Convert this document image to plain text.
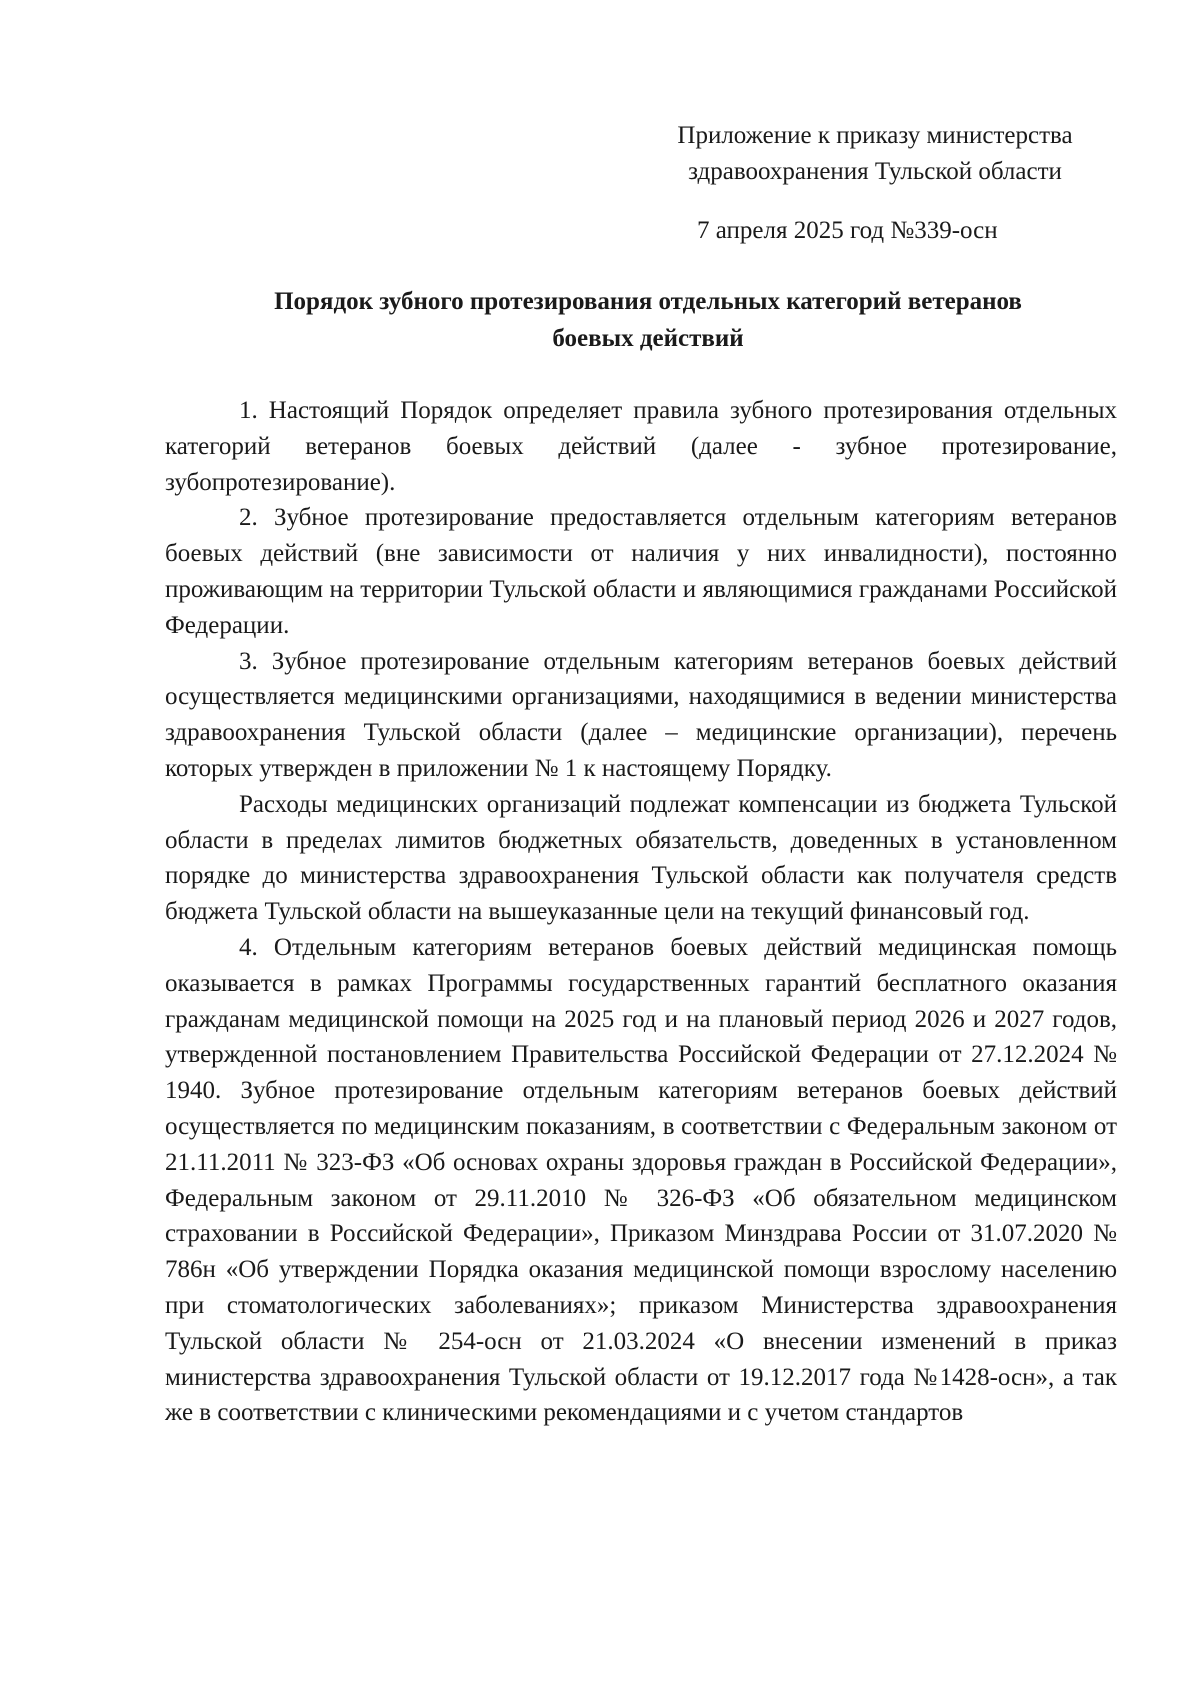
Приложение к приказу министерства
здравоохранения Тульской области
7 апреля 2025 год №339-осн
Порядок зубного протезирования отдельных категорий ветеранов
боевых действий

1. Настоящий Порядок определяет правила зубного протезирования отдельных категорий ветеранов боевых действий (далее - зубное протезирование, зубопротезирование).

2. Зубное протезирование предоставляется отдельным категориям ветеранов боевых действий (вне зависимости от наличия у них инвалидности), постоянно проживающим на территории Тульской области и являющимися гражданами Российской Федерации.

3. Зубное протезирование отдельным категориям ветеранов боевых действий осуществляется медицинскими организациями, находящимися в ведении министерства здравоохранения Тульской области (далее – медицинские организации), перечень которых утвержден в приложении № 1 к настоящему Порядку.

Расходы медицинских организаций подлежат компенсации из бюджета Тульской области в пределах лимитов бюджетных обязательств, доведенных в установленном порядке до министерства здравоохранения Тульской области как получателя средств бюджета Тульской области на вышеуказанные цели на текущий финансовый год.

4. Отдельным категориям ветеранов боевых действий медицинская помощь оказывается в рамках Программы государственных гарантий бесплатного оказания гражданам медицинской помощи на 2025 год и на плановый период 2026 и 2027 годов, утвержденной постановлением Правительства Российской Федерации от 27.12.2024 № 1940. Зубное протезирование отдельным категориям ветеранов боевых действий осуществляется по медицинским показаниям, в соответствии с Федеральным законом от 21.11.2011 № 323-ФЗ «Об основах охраны здоровья граждан в Российской Федерации», Федеральным законом от 29.11.2010 № 326-ФЗ «Об обязательном медицинском страховании в Российской Федерации», Приказом Минздрава России от 31.07.2020 № 786н «Об утверждении Порядка оказания медицинской помощи взрослому населению при стоматологических заболеваниях»; приказом Министерства здравоохранения Тульской области № 254-осн от 21.03.2024 «О внесении изменений в приказ министерства здравоохранения Тульской области от 19.12.2017 года №1428-осн», а так же в соответствии с клиническими рекомендациями и с учетом стандартов
